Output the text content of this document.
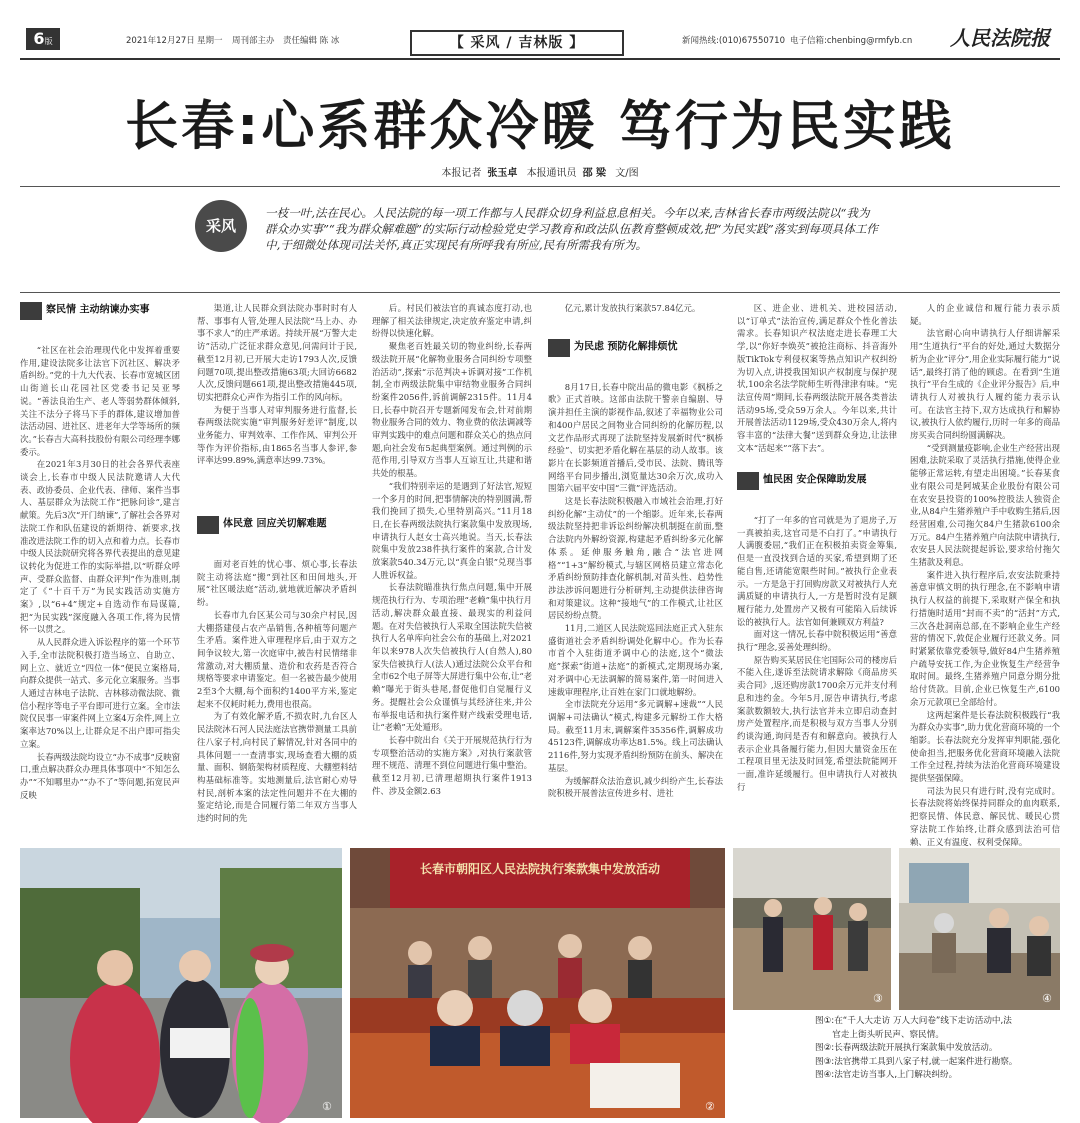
6版	2021年12月27日 星期一 周刊部主办 责任编辑 陈 冰	【 采风 / 吉林版 】	新闻热线:(010)67550710 电子信箱:chenbing@rmfyb.cn 人民法院报
长春:心系群众冷暖 笃行为民实践
本报记者 张玉卓 本报通讯员 邵 梁 文/图
采风
一枝一叶,法在民心。人民法院的每一项工作都与人民群众切身利益息息相关。今年以来,吉林省长春市两级法院以“我为群众办实事”“我为群众解难题”的实际行动检验党史学习教育和政法队伍教育整顿成效,把“为民实践”落实到每项具体工作中,于细微处体现司法关怀,真正实现民有所呼我有所应,民有所需我有所为。
察民情 主动纳谏办实事

“社区在社会治理现代化中发挥着重要作用,建设法院多让法官下沉社区、解决矛盾纠纷。”党的十九大代表、长春市宽城区团山街道长山花园社区党委书记吴亚琴说。“善法良治生产、老人等弱势群体倾斜,关注不法分子将马下手的群体,建议增加普法活动园、进社区、进老年大学等场所的频次。”长春吉大高科技股份有限公司经理李娜委示。

在2021年3月30日的社会各界代表座谈会上,长春市中级人民法院邀请人大代表、政协委员、企业代表、律师、案件当事人、基层群众为法院工作“把脉问诊”,建言献策。先后3次“开门纳谏”,了解社会各界对法院工作和队伍建设的新期待、新要求,找准改进法院工作的切入点和着力点。长春市中级人民法院研究将各界代表提出的意见建议转化为促进工作的实际举措,以“听群众呼声、受群众监督、由群众评判”作为准则,制定了《“十百千万”为民实践活动实施方案》,以“6+4”规定+自选动作布局谋篇,把“为民实践”深度融入各项工作,将为民情怀一以贯之。

从人民群众进入诉讼程序的第一个环节入手,全市法院积极打造当场立、自助立、网上立、就近立“四位一体”便民立案格局,向群众提供一站式、多元化立案服务。当事人通过吉林电子法院、吉林移动微法院、微信小程序等电子平台即可进行立案。全市法院仅民事一审案件网上立案4万余件,网上立案率达70%以上,让群众足不出户即可指尖立案。

长春两级法院均设立“办不成事”反映窗口,重点解决群众办理具体事项中“不知怎么办”“不知哪里办”“办不了”等问题,拓宽民声反映

渠道,让人民群众到法院办事时时有人帮、事事有人管,处理人民法院“马上办、办事不求人”的庄严承诺。持续开展“万警大走访”活动,广泛征求群众意见,问需问计于民,截至12月初,已开展大走访1793人次,反馈问题70项,提出整改措施63项;大回访6682人次,反馈问题661项,提出整改措施445项,切实把群众心声作为指引工作的风向标。

为便于当事人对审判服务进行监督,长春两级法院实施“审判服务好差评”制度,以业务能力、审判效率、工作作风、审判公开等作为评价指标,由1865名当事人参评,参评率达99.89%,满意率达99.73%。

体民意 回应关切解难题

面对老百姓的忧心事、烦心事,长春法院主动将法庭“搬”到社区和田间地头,开展“社区暖法庭”活动,就地就近解决矛盾纠纷。

长春市九台区某公司与30余户村民,因大棚搭建侵占农产品销售,各种植等问题产生矛盾。案件进入审理程序后,由于双方之间争议较大,第一次庭审中,被告村民情绪非常激动,对大棚质量、造价和农药是否符合规格等要求申请鉴定。但一名被告最少使用2至3个大棚,每个面积约1400平方米,鉴定起来不仅耗时耗力,费用也很高。

为了有效化解矛盾,不损农时,九台区人民法院沐石河人民法庭法官携带测量工具前往八家子村,向村民了解情况,针对各同中的具体问题一一查清事实,现场查看大棚的质量、面积、钢筋架构材质程度、大棚塑料结构基础标准等。实地测量后,法官耐心劝导村民,剖析本案的法定性问题并不在大棚的鉴定结论,而是合同履行第二年双方当事人违约时间的先

后。村民们被法官的真诚态度打动,也理解了相关法律规定,决定放弃鉴定申请,纠纷得以快速化解。

聚焦老百姓最关切的物业纠纷,长春两级法院开展“化解物业服务合同纠纷专项整治活动”,探索“示范判决+诉调对接”工作机制,全市两级法院集中审结物业服务合同纠纷案件2056件,诉前调解2315件。11月4日,长春中院召开专题新闻发布会,针对前期物业服务合同的效力、物业费的依法调减等审判实践中的难点问题和群众关心的热点问题,向社会发布5起典型案例。通过判例的示范作用,引导双方当事人互谅互让,共建和谐共处的根基。

“我们特别幸运的是遇到了好法官,短短一个多月的时间,把事情解决的特别圆满,帮我们挽回了损失,心里特别高兴。”11月18日,在长春两级法院执行案款集中发放现场,申请执行人赵女士高兴地说。当天,长春法院集中发放238件执行案件的案款,合计发放案款540.34万元,以“真金白银”兑现当事人胜诉权益。

长春法院瞄准执行焦点问题,集中开展规范执行行为、专项治理“老赖”集中执行月活动,解决群众最直接、最现实的利益问题。在对失信被执行人采取全国法院失信被执行人名单库向社会公布的基础上,对2021年以来978人次失信被执行人(自然人),80家失信被执行人(法人)通过法院公众平台和全市62个电子屏等大屏进行集中公布,让“老赖”曝光于街头巷尾,督促他们自觉履行义务。提醒社会公众谨慎与其经济往来,并公布举报电话和执行案件财产线索受理电话,让“老赖”无处遁形。

长春中院出台《关于开展规范执行行为专项整治活动的实施方案》,对执行案款管理不规范、清理不到位问题进行集中整治。截至12月初,已清理超期执行案件1913件、涉及金额2.63

亿元,累计发放执行案款57.84亿元。

为民虑 预防化解排烦忧

8月17日,长春中院出品的微电影《枫桥之歌》正式首映。这部由法院干警亲自编剧、导演并担任主演的影视作品,叙述了幸福物业公司和400户居民之间物业合同纠纷的化解历程,以文艺作品形式再现了法院坚持发展新时代“枫桥经验”、切实把矛盾化解在基层的动人故事。该影片在长影频道首播后,受市民、法院、腾讯等网络平台同步播出,浏览量达30余万次,成功入围第六届平安中国“三微”评选活动。

这是长春法院积极融入市域社会治理,打好纠纷化解“主动仗”的一个缩影。近年来,长春两级法院坚持把非诉讼纠纷解决机制挺在前面,整合法院内外解纷资源,构建起矛盾纠纷多元化解体系。延伸服务触角,融合“法官进网格”“1+3”解纷模式,与辖区网格员建立常态化矛盾纠纷预防排查化解机制,对苗头性、趋势性涉法涉诉问题进行分析研判,主动提供法律咨询和对策建议。这种“接地气”的工作模式,让社区居民纷纷点赞。

11月,二道区人民法院巡回法庭正式入驻东盛街道社会矛盾纠纷调处化解中心。作为长春市首个入驻街道矛调中心的法庭,这个“微法庭”探索“街道+法庭”的新模式,定期现场办案,对矛调中心无法调解的简易案件,第一时间进入速裁审理程序,让百姓在家门口就地解纷。

全市法院充分运用“多元调解+速裁”“人民调解+司法确认”模式,构建多元解纷工作大格局。截至11月末,调解案件35356件,调解成功45123件,调解成功率达81.5%。线上司法确认2116件,努力实现矛盾纠纷预防在前头、解决在基层。

为缓解群众法治意识,减少纠纷产生,长春法院积极开展普法宣传进乡村、进社

区、进企业、进机关、进校园活动,以“订单式”法治宣传,满足群众个性化普法需求。长春知识产权法庭走进长春理工大学,以“你好李焕英”被抢注商标、抖音海外版TikTok专利侵权案等热点知识产权纠纷为切入点,讲授我国知识产权制度与保护现状,100余名法学院师生听得津津有味。“宪法宣传周”期间,长春两级法院开展各类普法活动95场,受众59万余人。今年以来,共计开展普法活动1129场,受众430万余人,将内容丰富的“法律大餐”送到群众身边,让法律文本“活起来”“落下去”。

恤民困 安企保障助发展

“打了一年多的官司就是为了退房子,万一真被拍卖,这官司是不白打了。”申请执行人满腹委屈,“我们正在积极拍卖资金筹集,但是一直没找到合适的买家,希望到期了还能自售,还请能宽限些时间。”被执行企业表示。一方是急于打回购房款又对被执行人充满质疑的申请执行人,一方是暂时没有足额履行能力,处置房产又极有可能陷入后续诉讼的被执行人。法官如何兼顾双方利益?

面对这一情况,长春中院积极运用“善意执行”理念,妥善处理纠纷。

原告购买某居民住宅国际公司的楼房后不能入住,遂诉至法院请求解除《商品房买卖合同》,返还购房款1700余万元并支付利息和违约金。今年5月,原告申请执行,考虑案款数额较大,执行法官并未立即启动查封房产处置程序,而是积极与双方当事人分别约谈沟通,询问是否有和解意向。被执行人表示企业具备履行能力,但因大量资金压在工程项目里无法及时回笼,希望法院能网开一面,准许延缓履行。但申请执行人对被执行

人的企业诚信和履行能力表示质疑。

法官耐心向申请执行人仔细讲解采用“生道执行”平台的好处,通过大数据分析为企业“评分”,用企业实际履行能力“说话”,最终打消了他的顾虑。在看到“生道执行”平台生成的《企业评分报告》后,申请执行人对被执行人履约能力表示认可。在法官主持下,双方达成执行和解协议,被执行人依约履行,历时一年多的商品房买卖合同纠纷圆满解决。

“受到测量疫影响,企业生产经营出现困难,法院采取了灵活执行措施,使得企业能够正常运转,有望走出困境。”长春某食业有限公司是阿城某企业股份有限公司在农安县投资的100%控股法人独资企业,从84户生猪养殖户手中收购生猪后,因经营困难,公司拖欠84户生猪款6100余万元。84户生猪养殖户向法院申请执行,农安县人民法院提起诉讼,要求给付拖欠生猪款及利息。

案件进入执行程序后,农安法院秉持善意审慎文明的执行理念,在不影响申请执行人权益的前提下,采取财产保全和执行措施时适用“封而不卖”的“活封”方式,三次各赴洞南总部,在不影响企业生产经营的情况下,敦促企业履行还款义务。同时紧紧依靠党委领导,做好84户生猪养殖户疏导安抚工作,为企业恢复生产经营争取时间。最终,生猪养殖户同意分期分批给付货款。目前,企业已恢复生产,6100余万元款项已全部给付。

这两起案件是长春法院积极践行“我为群众办实事”,助力优化营商环境的一个缩影。长春法院充分发挥审判职能,强化使命担当,把服务优化营商环境融入法院工作全过程,持续为法治化营商环境建设提供坚强保障。

司法为民只有进行时,没有完成时。长春法院将始终保持同群众的血肉联系,把察民情、体民意、解民忧、暖民心贯穿法院工作始终,让群众感到法治可信赖、正义有温度、权利受保障。

①
长春市朝阳区人民法院执行案款集中发放活动
②
③	④
图①:在“千人大走访 万人大问卷”线下走访活动中,法
官走上街头听民声、察民情。
图②:长春两级法院开展执行案款集中发放活动。
图③:法官携带工具到八家子村,就一起案件进行勘察。
图④:法官走访当事人,上门解决纠纷。
